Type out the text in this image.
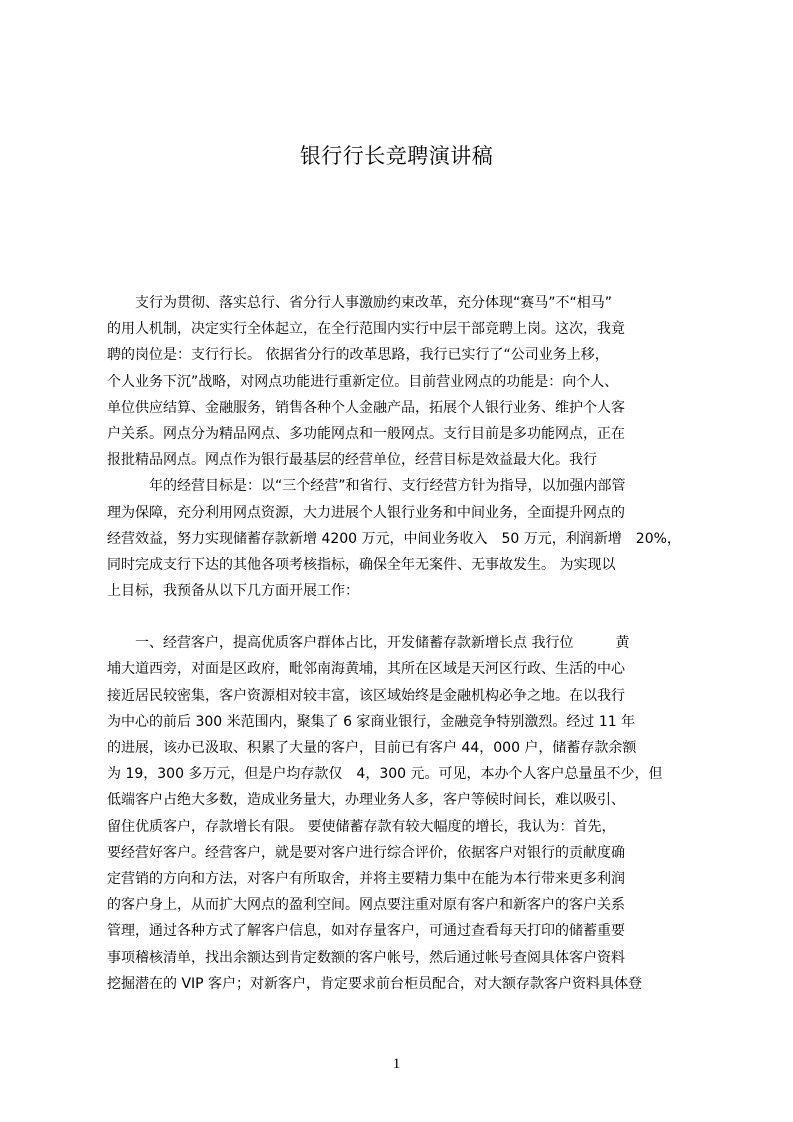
银行行长竞聘演讲稿
　　支行为贯彻、落实总行、省分行人事激励约束改革，充分体现“赛马”不“相马”
的用人机制，决定实行全体起立，在全行范围内实行中层干部竞聘上岗。这次，我竟
聘的岗位是：支行行长。 依据省分行的改革思路，我行已实行了“公司业务上移，
个人业务下沉”战略，对网点功能进行重新定位。目前营业网点的功能是：向个人、
单位供应结算、金融服务，销售各种个人金融产品，拓展个人银行业务、维护个人客
户关系。网点分为精品网点、多功能网点和一般网点。支行目前是多功能网点，正在
报批精品网点。网点作为银行最基层的经营单位，经营目标是效益最大化。我行
　　　年的经营目标是：以“三个经营”和省行、支行经营方针为指导，以加强内部管
理为保障，充分利用网点资源，大力进展个人银行业务和中间业务，全面提升网点的
经营效益，努力实现储蓄存款新增 4200 万元，中间业务收入　50 万元，利润新增　20%，
同时完成支行下达的其他各项考核指标，确保全年无案件、无事故发生。 为实现以
上目标，我预备从以下几方面开展工作：
　　一、经营客户，提高优质客户群体占比，开发储蓄存款新增长点 我行位　　　黄
埔大道西旁，对面是区政府，毗邻南海黄埔，其所在区域是天河区行政、生活的中心
接近居民较密集，客户资源相对较丰富，该区域始终是金融机构必争之地。在以我行
为中心的前后 300 米范围内，聚集了 6 家商业银行，金融竞争特别激烈。经过 11 年
的进展，该办已汲取、积累了大量的客户，目前已有客户 44，000 户，储蓄存款余额
为 19，300 多万元，但是户均存款仅　4，300 元。可见，本办个人客户总量虽不少，但
低端客户占绝大多数，造成业务量大，办理业务人多，客户等候时间长，难以吸引、
留住优质客户，存款增长有限。 要使储蓄存款有较大幅度的增长，我认为：首先，
要经营好客户。经营客户，就是要对客户进行综合评价，依据客户对银行的贡献度确
定营销的方向和方法，对客户有所取舍，并将主要精力集中在能为本行带来更多利润
的客户身上，从而扩大网点的盈利空间。网点要注重对原有客户和新客户的客户关系
管理，通过各种方式了解客户信息，如对存量客户，可通过查看每天打印的储蓄重要
事项稽核清单，找出余额达到肯定数额的客户帐号，然后通过帐号查阅具体客户资料
挖掘潜在的 VIP 客户；对新客户，肯定要求前台柜员配合，对大额存款客户资料具体登
1
